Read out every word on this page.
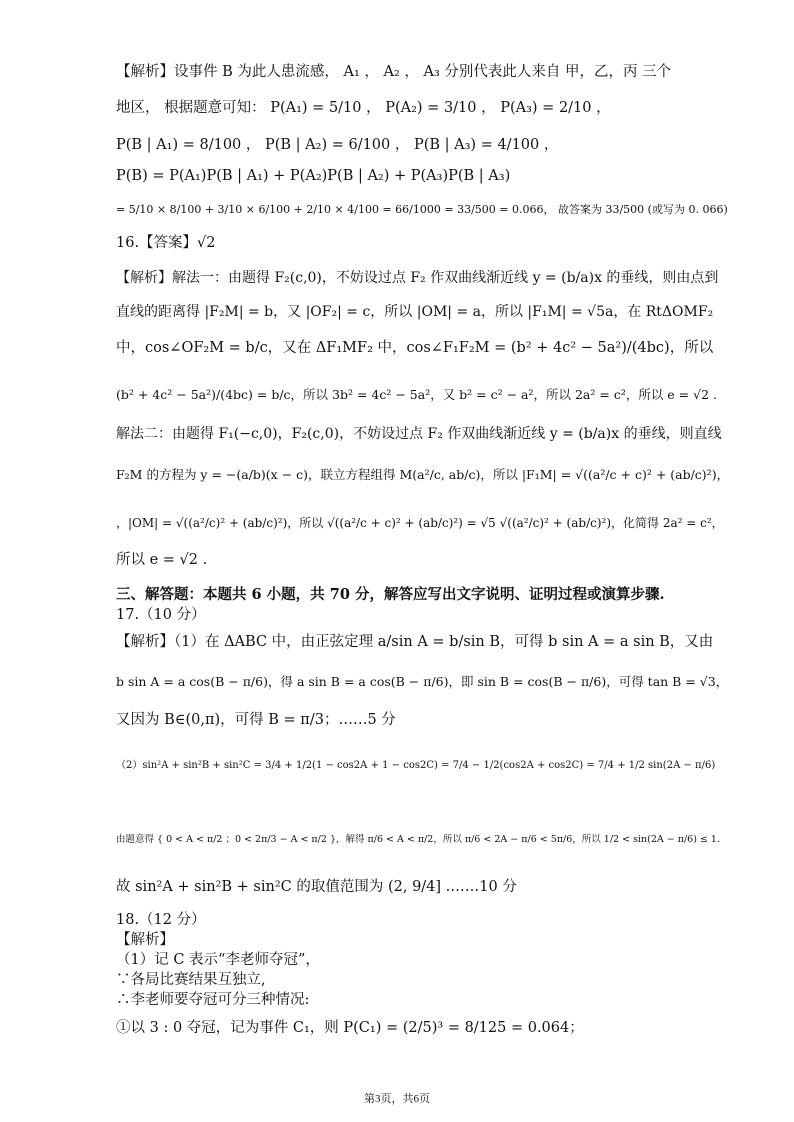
【解析】设事件 B 为此人患流感， A₁ ， A₂ ， A₃ 分别代表此人来自 甲，乙，丙 三个
地区， 根据题意可知： P(A₁) = 5/10 ， P(A₂) = 3/10 ， P(A₃) = 2/10 ，
P(B | A₁) = 8/100 ， P(B | A₂) = 6/100 ， P(B | A₃) = 4/100 ，
P(B) = P(A₁)P(B | A₁) + P(A₂)P(B | A₂) + P(A₃)P(B | A₃)
= 5/10 × 8/100 + 3/10 × 6/100 + 2/10 × 4/100 = 66/1000 = 33/500 = 0.066， 故答案为 33/500 (或写为 0. 066)
16.【答案】√2
【解析】解法一：由题得 F₂(c,0)，不妨设过点 F₂ 作双曲线渐近线 y = (b/a)x 的垂线，则由点到
直线的距离得 |F₂M| = b，又 |OF₂| = c，所以 |OM| = a，所以 |F₁M| = √5a，在 RtΔOMF₂
中，cos∠OF₂M = b/c，又在 ΔF₁MF₂ 中，cos∠F₁F₂M = (b² + 4c² − 5a²)/(4bc)，所以
(b² + 4c² − 5a²)/(4bc) = b/c，所以 3b² = 4c² − 5a²，又 b² = c² − a²，所以 2a² = c²，所以 e = √2 .
解法二：由题得 F₁(−c,0)，F₂(c,0)，不妨设过点 F₂ 作双曲线渐近线 y = (b/a)x 的垂线，则直线
F₂M 的方程为 y = −(a/b)(x − c)，联立方程组得 M(a²/c, ab/c)，所以 |F₁M| = √((a²/c + c)² + (ab/c)²)，
，|OM| = √((a²/c)² + (ab/c)²)，所以 √((a²/c + c)² + (ab/c)²) = √5 √((a²/c)² + (ab/c)²)，化简得 2a² = c²，
所以 e = √2 .
三、解答题：本题共 6 小题，共 70 分，解答应写出文字说明、证明过程或演算步骤.
17.（10 分）
【解析】（1）在 ΔABC 中，由正弦定理 a/sin A = b/sin B，可得 b sin A = a sin B，又由
b sin A = a cos(B − π/6)，得 a sin B = a cos(B − π/6)，即 sin B = cos(B − π/6)，可得 tan B = √3，
又因为 B∈(0,π)，可得 B = π/3；……5 分
（2）sin²A + sin²B + sin²C = 3/4 + 1/2(1 − cos2A + 1 − cos2C) = 7/4 − 1/2(cos2A + cos2C) = 7/4 + 1/2 sin(2A − π/6)
由题意得 { 0 < A < π/2 ；0 < 2π/3 − A < π/2 }，解得 π/6 < A < π/2，所以 π/6 < 2A − π/6 < 5π/6，所以 1/2 < sin(2A − π/6) ≤ 1.
故 sin²A + sin²B + sin²C 的取值范围为 (2, 9/4] .……10 分
18.（12 分）
【解析】
（1）记 C 表示“李老师夺冠”，
∵各局比赛结果互独立,
∴李老师要夺冠可分三种情况:
①以 3 : 0 夺冠，记为事件 C₁，则 P(C₁) = (2/5)³ = 8/125 = 0.064；
第3页，共6页
